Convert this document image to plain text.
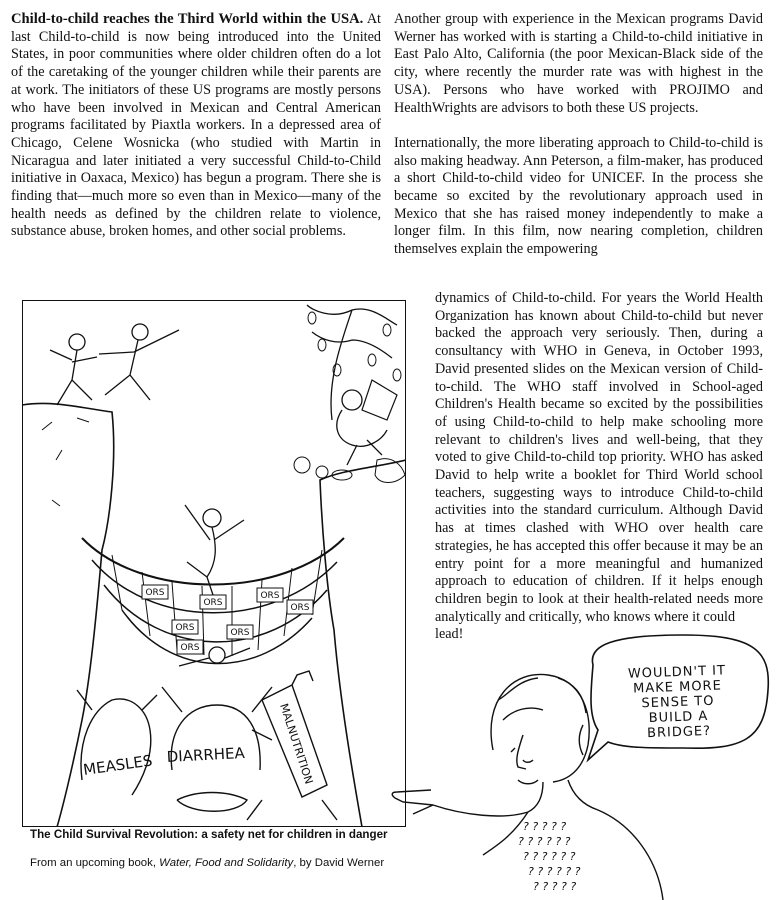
Child-to-child reaches the Third World within the USA. At last Child-to-child is now being introduced into the United States, in poor communities where older children often do a lot of the caretaking of the younger children while their parents are at work. The initiators of these US programs are mostly persons who have been involved in Mexican and Central American programs facilitated by Piaxtla workers. In a depressed area of Chicago, Celene Wosnicka (who studied with Martin in Nicaragua and later initiated a very successful Child-to-Child initiative in Oaxaca, Mexico) has begun a program. There she is finding that—much more so even than in Mexico—many of the health needs as defined by the children relate to violence, substance abuse, broken homes, and other social problems.

Another group with experience in the Mexican programs David Werner has worked with is starting a Child-to-child initiative in East Palo Alto, California (the poor Mexican-Black side of the city, where recently the murder rate was with highest in the USA). Persons who have worked with PROJIMO and HealthWrights are advisors to both these US projects.

Internationally, the more liberating approach to Child-to-child is also making headway. Ann Peterson, a film-maker, has produced a short Child-to-child video for UNICEF. In the process she became so excited by the revolutionary approach used in Mexico that she has raised money independently to make a longer film. In this film, now nearing completion, children themselves explain the empowering

dynamics of Child-to-child. For years the World Health Organization has known about Child-to-child but never backed the approach very seriously. Then, during a consultancy with WHO in Geneva, in October 1993, David presented slides on the Mexican version of Child-to-child. The WHO staff involved in School-aged Children's Health became so excited by the possibilities of using Child-to-child to help make schooling more relevant to children's lives and well-being, that they voted to give Child-to-child top priority. WHO has asked David to help write a booklet for Third World school teachers, suggesting ways to introduce Child-to-child activities into the standard curriculum. Although David has at times clashed with WHO over health care strategies, he has accepted this offer because it may be an entry point for a more meaningful and humanized approach to education of children. If it helps enough children begin to look at their health-related needs more analytically and critically, who knows where it could

lead!

ORS
ORS
ORS
ORS	ORS
ORS
ORS
MEASLES DIARRHEA	MALNUTRITION
The Child Survival Revolution: a safety net for children in danger
From an upcoming book, Water, Food and Solidarity, by David Werner
? ? ? ? ?
? ? ? ? ? ?
? ? ? ? ? ?
? ? ? ? ? ?
? ? ? ? ?
WOULDN'T IT
MAKE MORE
SENSE TO
BUILD A
BRIDGE?
